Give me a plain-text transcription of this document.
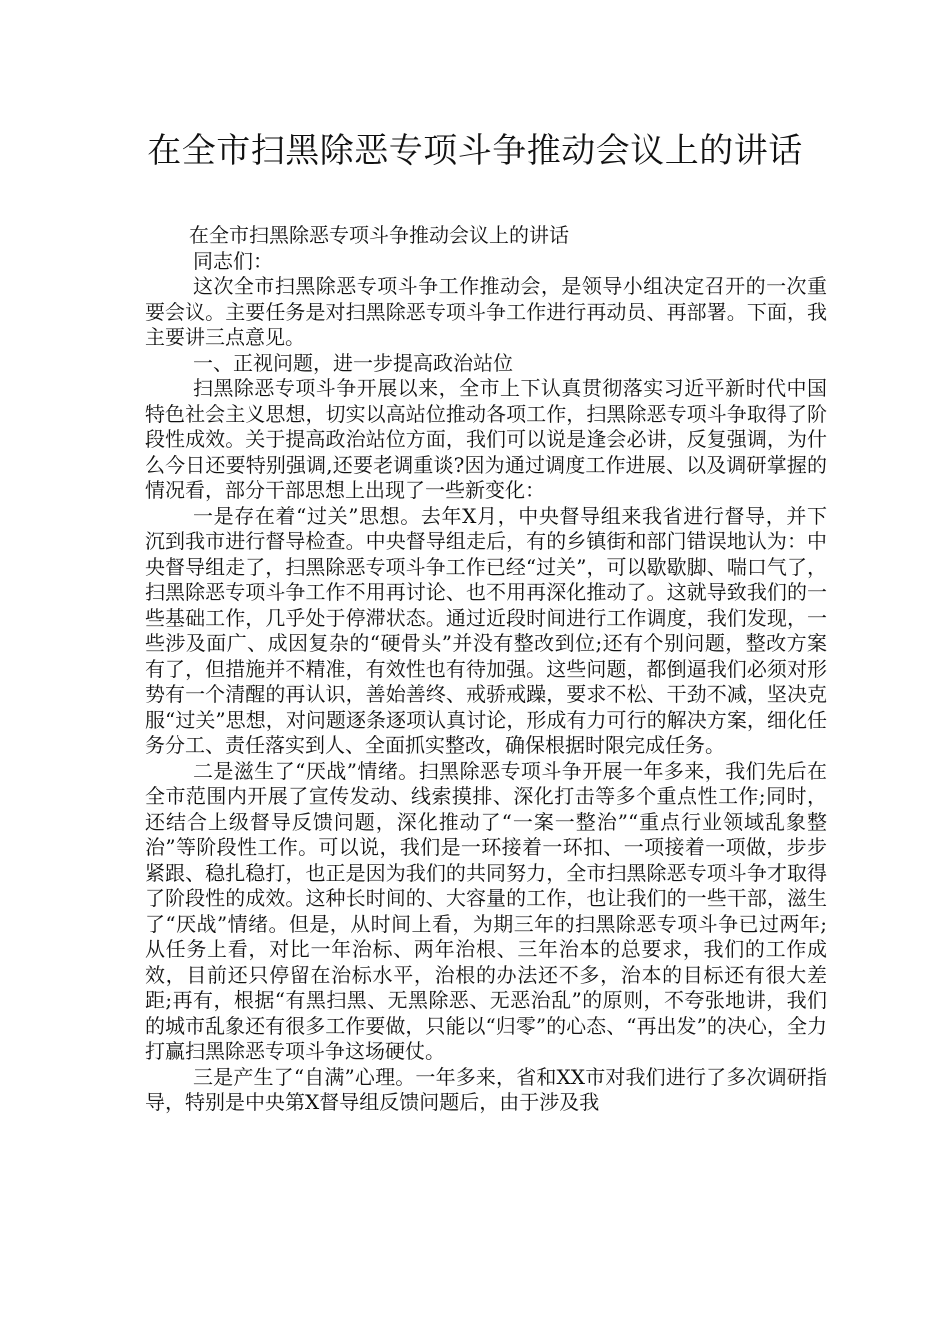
在全市扫黑除恶专项斗争推动会议上的讲话

在全市扫黑除恶专项斗争推动会议上的讲话

同志们：

这次全市扫黑除恶专项斗争工作推动会，是领导小组决定召开的一次重要会议。主要任务是对扫黑除恶专项斗争工作进行再动员、再部署。下面，我主要讲三点意见。

一、正视问题，进一步提高政治站位

扫黑除恶专项斗争开展以来，全市上下认真贯彻落实习近平新时代中国特色社会主义思想，切实以高站位推动各项工作，扫黑除恶专项斗争取得了阶段性成效。关于提高政治站位方面，我们可以说是逢会必讲，反复强调，为什么今日还要特别强调,还要老调重谈?因为通过调度工作进展、以及调研掌握的情况看，部分干部思想上出现了一些新变化：

一是存在着“过关”思想。去年X月，中央督导组来我省进行督导，并下沉到我市进行督导检查。中央督导组走后，有的乡镇街和部门错误地认为：中央督导组走了，扫黑除恶专项斗争工作已经“过关”，可以歇歇脚、喘口气了，扫黑除恶专项斗争工作不用再讨论、也不用再深化推动了。这就导致我们的一些基础工作，几乎处于停滞状态。通过近段时间进行工作调度，我们发现，一些涉及面广、成因复杂的“硬骨头”并没有整改到位;还有个别问题，整改方案有了，但措施并不精准，有效性也有待加强。这些问题，都倒逼我们必须对形势有一个清醒的再认识，善始善终、戒骄戒躁，要求不松、干劲不减，坚决克服“过关”思想，对问题逐条逐项认真讨论，形成有力可行的解决方案，细化任务分工、责任落实到人、全面抓实整改，确保根据时限完成任务。

二是滋生了“厌战”情绪。扫黑除恶专项斗争开展一年多来，我们先后在全市范围内开展了宣传发动、线索摸排、深化打击等多个重点性工作;同时，还结合上级督导反馈问题，深化推动了“一案一整治”“重点行业领域乱象整治”等阶段性工作。可以说，我们是一环接着一环扣、一项接着一项做，步步紧跟、稳扎稳打，也正是因为我们的共同努力，全市扫黑除恶专项斗争才取得了阶段性的成效。这种长时间的、大容量的工作，也让我们的一些干部，滋生了“厌战”情绪。但是，从时间上看，为期三年的扫黑除恶专项斗争已过两年;从任务上看，对比一年治标、两年治根、三年治本的总要求，我们的工作成效，目前还只停留在治标水平，治根的办法还不多，治本的目标还有很大差距;再有，根据“有黑扫黑、无黑除恶、无恶治乱”的原则，不夸张地讲，我们的城市乱象还有很多工作要做，只能以“归零”的心态、“再出发”的决心，全力打赢扫黑除恶专项斗争这场硬仗。

三是产生了“自满”心理。一年多来，省和XX市对我们进行了多次调研指导，特别是中央第X督导组反馈问题后，由于涉及我
